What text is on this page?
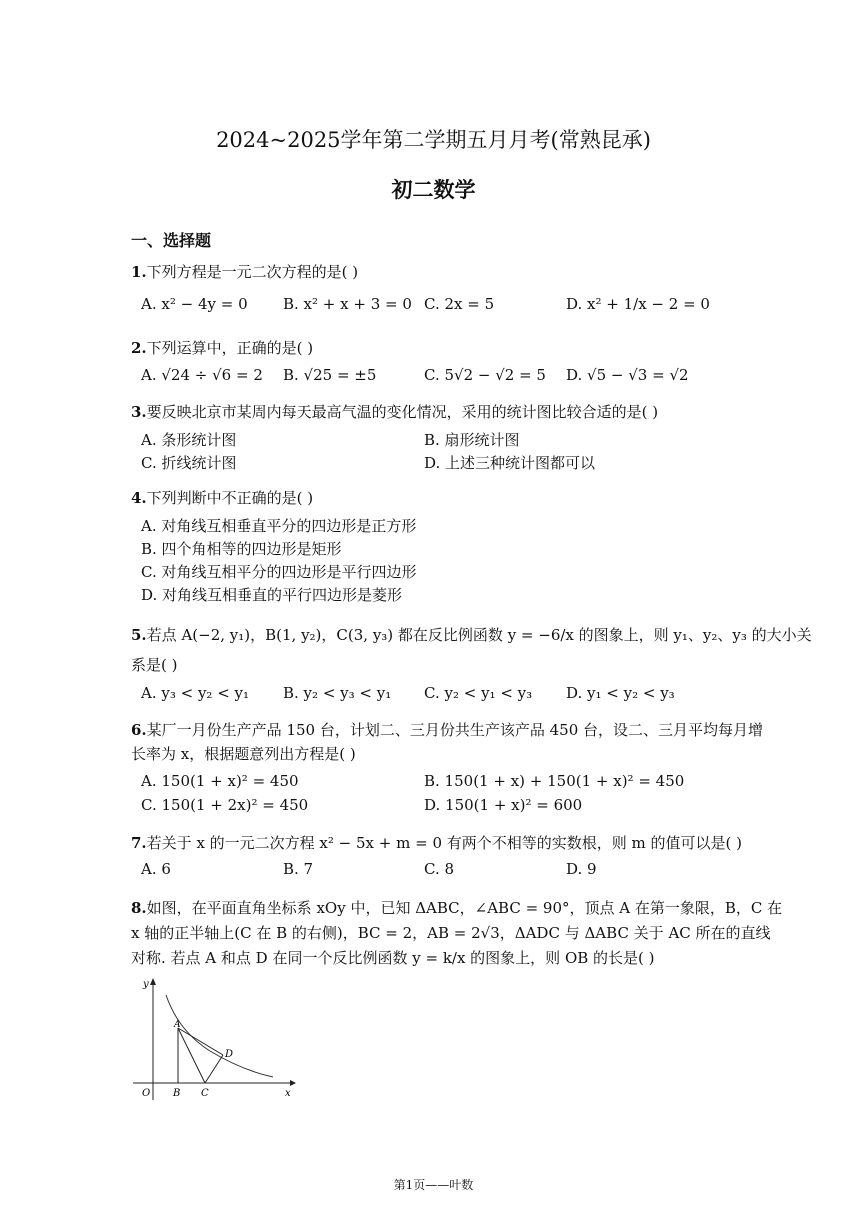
2024~2025学年第二学期五月月考(常熟昆承)
初二数学
一、选择题
1.下列方程是一元二次方程的是( )
A. x² − 4y = 0 B. x² + x + 3 = 0 C. 2x = 5	D. x² + 1/x − 2 = 0
2.下列运算中，正确的是( )
A. √24 ÷ √6 = 2 B. √25 = ±5	C. 5√2 − √2 = 5 D. √5 − √3 = √2
3.要反映北京市某周内每天最高气温的变化情况，采用的统计图比较合适的是( )
A. 条形统计图	B. 扇形统计图
C. 折线统计图	D. 上述三种统计图都可以
4.下列判断中不正确的是( )
A. 对角线互相垂直平分的四边形是正方形
B. 四个角相等的四边形是矩形
C. 对角线互相平分的四边形是平行四边形
D. 对角线互相垂直的平行四边形是菱形
5.若点 A(−2, y₁)，B(1, y₂)，C(3, y₃) 都在反比例函数 y = −6/x 的图象上，则 y₁、y₂、y₃ 的大小关
系是( )
A. y₃ < y₂ < y₁ B. y₂ < y₃ < y₁ C. y₂ < y₁ < y₃ D. y₁ < y₂ < y₃
6.某厂一月份生产产品 150 台，计划二、三月份共生产该产品 450 台，设二、三月平均每月增
长率为 x，根据题意列出方程是( )
A. 150(1 + x)² = 450	B. 150(1 + x) + 150(1 + x)² = 450
C. 150(1 + 2x)² = 450	D. 150(1 + x)² = 600
7.若关于 x 的一元二次方程 x² − 5x + m = 0 有两个不相等的实数根，则 m 的值可以是( )
A. 6	B. 7	C. 8	D. 9
8.如图，在平面直角坐标系 xOy 中，已知 ΔABC，∠ABC = 90°，顶点 A 在第一象限，B，C 在
x 轴的正半轴上(C 在 B 的右侧)，BC = 2，AB = 2√3，ΔADC 与 ΔABC 关于 AC 所在的直线
对称. 若点 A 和点 D 在同一个反比例函数 y = k/x 的图象上，则 OB 的长是( )
y
x
O
A
B C
D
第1页——叶数
